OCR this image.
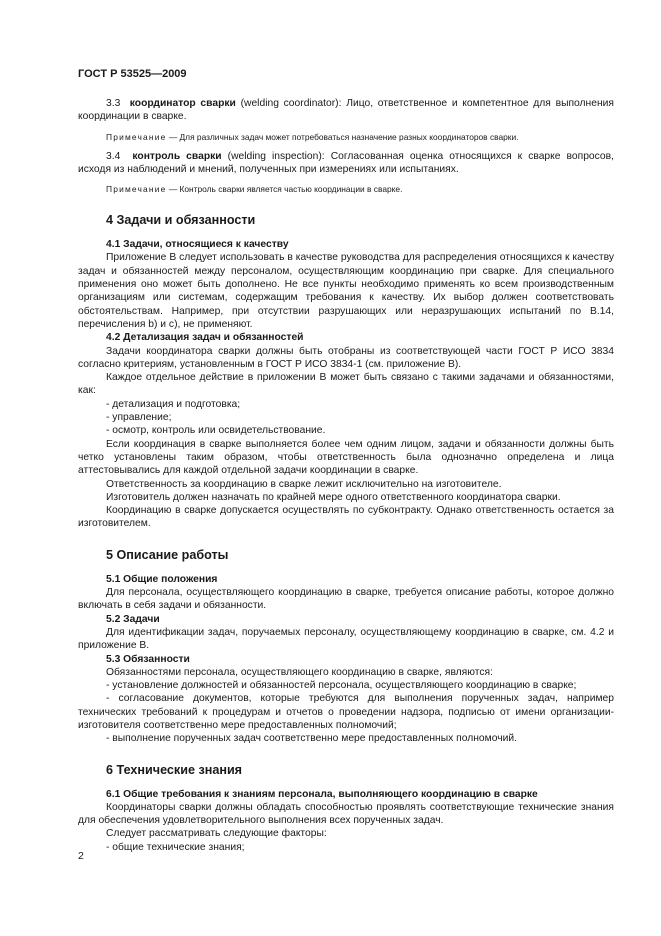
ГОСТ Р 53525—2009

3.3 координатор сварки (welding coordinator): Лицо, ответственное и компетентное для выполнения координации в сварке.

Примечание — Для различных задач может потребоваться назначение разных координаторов сварки.

3.4 контроль сварки (welding inspection): Согласованная оценка относящихся к сварке вопросов, исходя из наблюдений и мнений, полученных при измерениях или испытаниях.

Примечание — Контроль сварки является частью координации в сварке.

4 Задачи и обязанности

4.1 Задачи, относящиеся к качеству

Приложение В следует использовать в качестве руководства для распределения относящихся к качеству задач и обязанностей между персоналом, осуществляющим координацию при сварке. Для специального применения оно может быть дополнено. Не все пункты необходимо применять ко всем производственным организациям или системам, содержащим требования к качеству. Их выбор должен соответствовать обстоятельствам. Например, при отсутствии разрушающих или неразрушающих испытаний по В.14, перечисления b) и с), не применяют.

4.2 Детализация задач и обязанностей

Задачи координатора сварки должны быть отобраны из соответствующей части ГОСТ Р ИСО 3834 согласно критериям, установленным в ГОСТ Р ИСО 3834-1 (см. приложение В).

Каждое отдельное действие в приложении В может быть связано с такими задачами и обязанностями, как:

- детализация и подготовка;

- управление;

- осмотр, контроль или освидетельствование.

Если координация в сварке выполняется более чем одним лицом, задачи и обязанности должны быть четко установлены таким образом, чтобы ответственность была однозначно определена и лица аттестовывались для каждой отдельной задачи координации в сварке.

Ответственность за координацию в сварке лежит исключительно на изготовителе.

Изготовитель должен назначать по крайней мере одного ответственного координатора сварки.

Координацию в сварке допускается осуществлять по субконтракту. Однако ответственность остается за изготовителем.

5 Описание работы

5.1 Общие положения

Для персонала, осуществляющего координацию в сварке, требуется описание работы, которое должно включать в себя задачи и обязанности.

5.2 Задачи

Для идентификации задач, поручаемых персоналу, осуществляющему координацию в сварке, см. 4.2 и приложение В.

5.3 Обязанности

Обязанностями персонала, осуществляющего координацию в сварке, являются:

- установление должностей и обязанностей персонала, осуществляющего координацию в сварке;

- согласование документов, которые требуются для выполнения порученных задач, например технических требований к процедурам и отчетов о проведении надзора, подписью от имени организации-изготовителя соответственно мере предоставленных полномочий;

- выполнение порученных задач соответственно мере предоставленных полномочий.

6 Технические знания

6.1 Общие требования к знаниям персонала, выполняющего координацию в сварке

Координаторы сварки должны обладать способностью проявлять соответствующие технические знания для обеспечения удовлетворительного выполнения всех порученных задач.

Следует рассматривать следующие факторы:

- общие технические знания;

2
